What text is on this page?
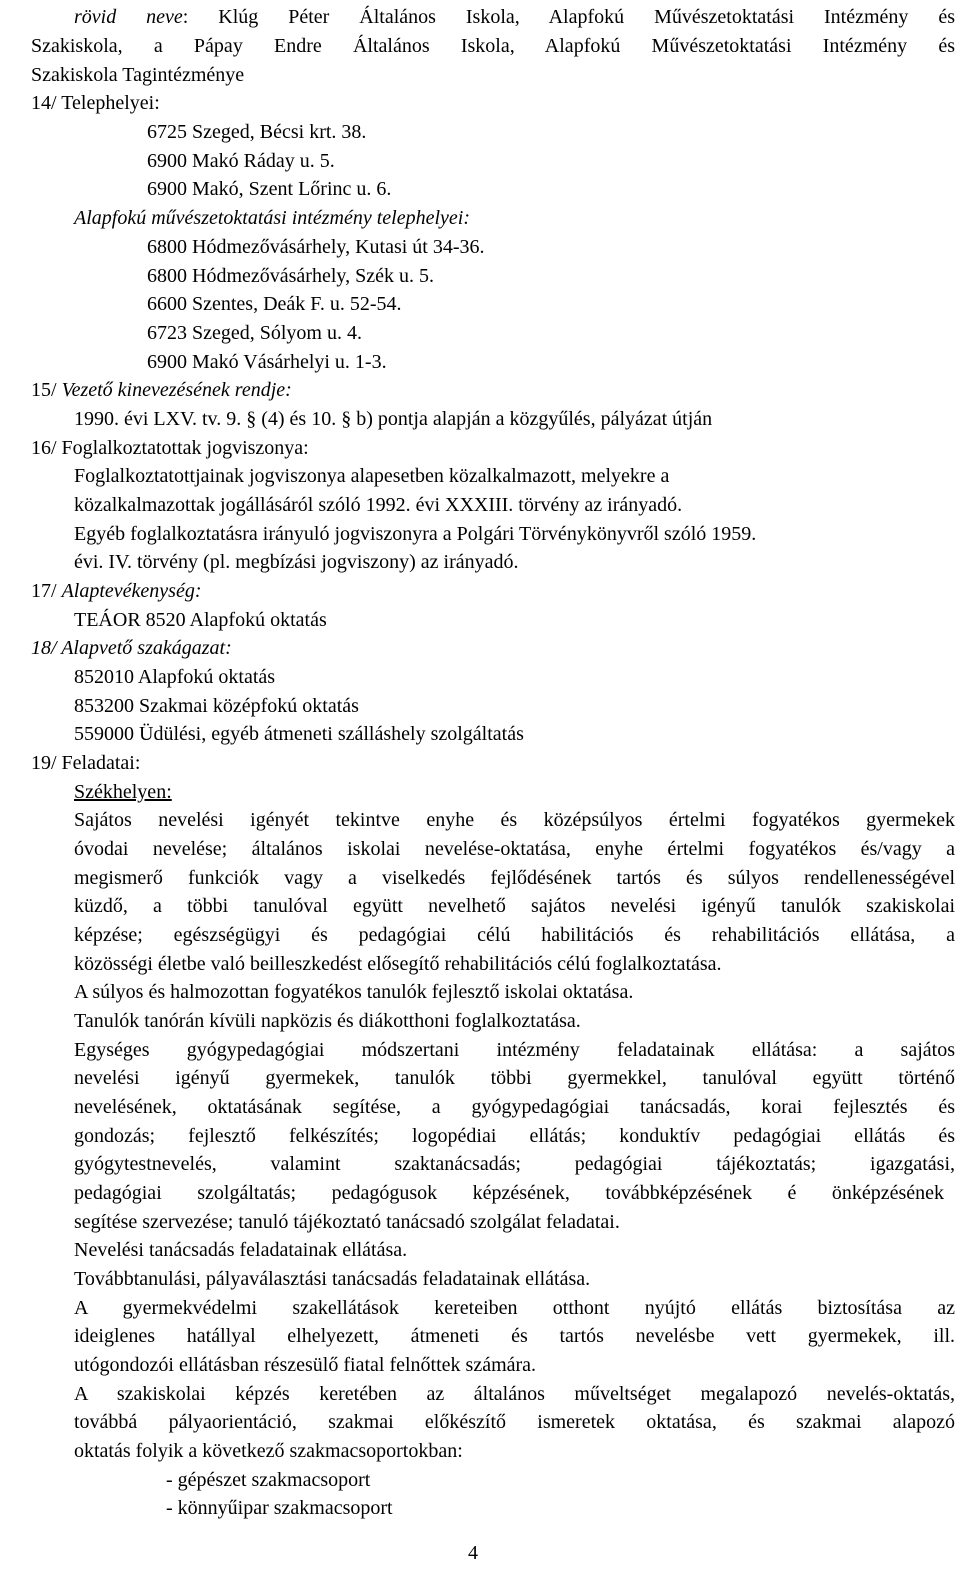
rövid neve: Klúg Péter Általános Iskola, Alapfokú Művészetoktatási Intézmény és
Szakiskola, a Pápay Endre Általános Iskola, Alapfokú Művészetoktatási Intézmény és
Szakiskola Tagintézménye
14/ Telephelyei:
6725 Szeged, Bécsi krt. 38.
6900 Makó Ráday u. 5.
6900 Makó, Szent Lőrinc u. 6.
Alapfokú művészetoktatási intézmény telephelyei:
6800 Hódmezővásárhely, Kutasi út 34-36.
6800 Hódmezővásárhely, Szék u. 5.
6600 Szentes, Deák F. u. 52-54.
6723 Szeged, Sólyom u. 4.
6900 Makó Vásárhelyi u. 1-3.
15/ Vezető kinevezésének rendje:
1990. évi LXV. tv. 9. § (4) és 10. § b) pontja alapján a közgyűlés, pályázat útján
16/ Foglalkoztatottak jogviszonya:
Foglalkoztatottjainak jogviszonya alapesetben közalkalmazott, melyekre a
közalkalmazottak jogállásáról szóló 1992. évi XXXIII. törvény az irányadó.
Egyéb foglalkoztatásra irányuló jogviszonyra a Polgári Törvénykönyvről szóló 1959.
évi. IV. törvény (pl. megbízási jogviszony) az irányadó.
17/ Alaptevékenység:
TEÁOR 8520 Alapfokú oktatás
18/ Alapvető szakágazat:
852010 Alapfokú oktatás
853200 Szakmai középfokú oktatás
559000 Üdülési, egyéb átmeneti szálláshely szolgáltatás
19/ Feladatai:
Székhelyen:
Sajátos nevelési igényét tekintve enyhe és középsúlyos értelmi fogyatékos gyermekek
óvodai nevelése; általános iskolai nevelése-oktatása, enyhe értelmi fogyatékos és/vagy a
megismerő funkciók vagy a viselkedés fejlődésének tartós és súlyos rendellenességével
küzdő, a többi tanulóval együtt nevelhető sajátos nevelési igényű tanulók szakiskolai
képzése; egészségügyi és pedagógiai célú habilitációs és rehabilitációs ellátása, a
közösségi életbe való beilleszkedést elősegítő rehabilitációs célú foglalkoztatása.
A súlyos és halmozottan fogyatékos tanulók fejlesztő iskolai oktatása.
Tanulók tanórán kívüli napközis és diákotthoni foglalkoztatása.
Egységes gyógypedagógiai módszertani intézmény feladatainak ellátása: a sajátos
nevelési igényű gyermekek, tanulók többi gyermekkel, tanulóval együtt történő
nevelésének, oktatásának segítése, a gyógypedagógiai tanácsadás, korai fejlesztés és
gondozás; fejlesztő felkészítés; logopédiai ellátás; konduktív pedagógiai ellátás és
gyógytestnevelés, valamint szaktanácsadás; pedagógiai tájékoztatás; igazgatási,
pedagógiai szolgáltatás; pedagógusok képzésének, továbbképzésének é önképzésének
segítése szervezése; tanuló tájékoztató tanácsadó szolgálat feladatai.
Nevelési tanácsadás feladatainak ellátása.
Továbbtanulási, pályaválasztási tanácsadás feladatainak ellátása.
A gyermekvédelmi szakellátások kereteiben otthont nyújtó ellátás biztosítása az
ideiglenes hatállyal elhelyezett, átmeneti és tartós nevelésbe vett gyermekek, ill.
utógondozói ellátásban részesülő fiatal felnőttek számára.
A szakiskolai képzés keretében az általános műveltséget megalapozó nevelés-oktatás,
továbbá pályaorientáció, szakmai előkészítő ismeretek oktatása, és szakmai alapozó
oktatás folyik a következő szakmacsoportokban:
- gépészet szakmacsoport
- könnyűipar szakmacsoport
4
